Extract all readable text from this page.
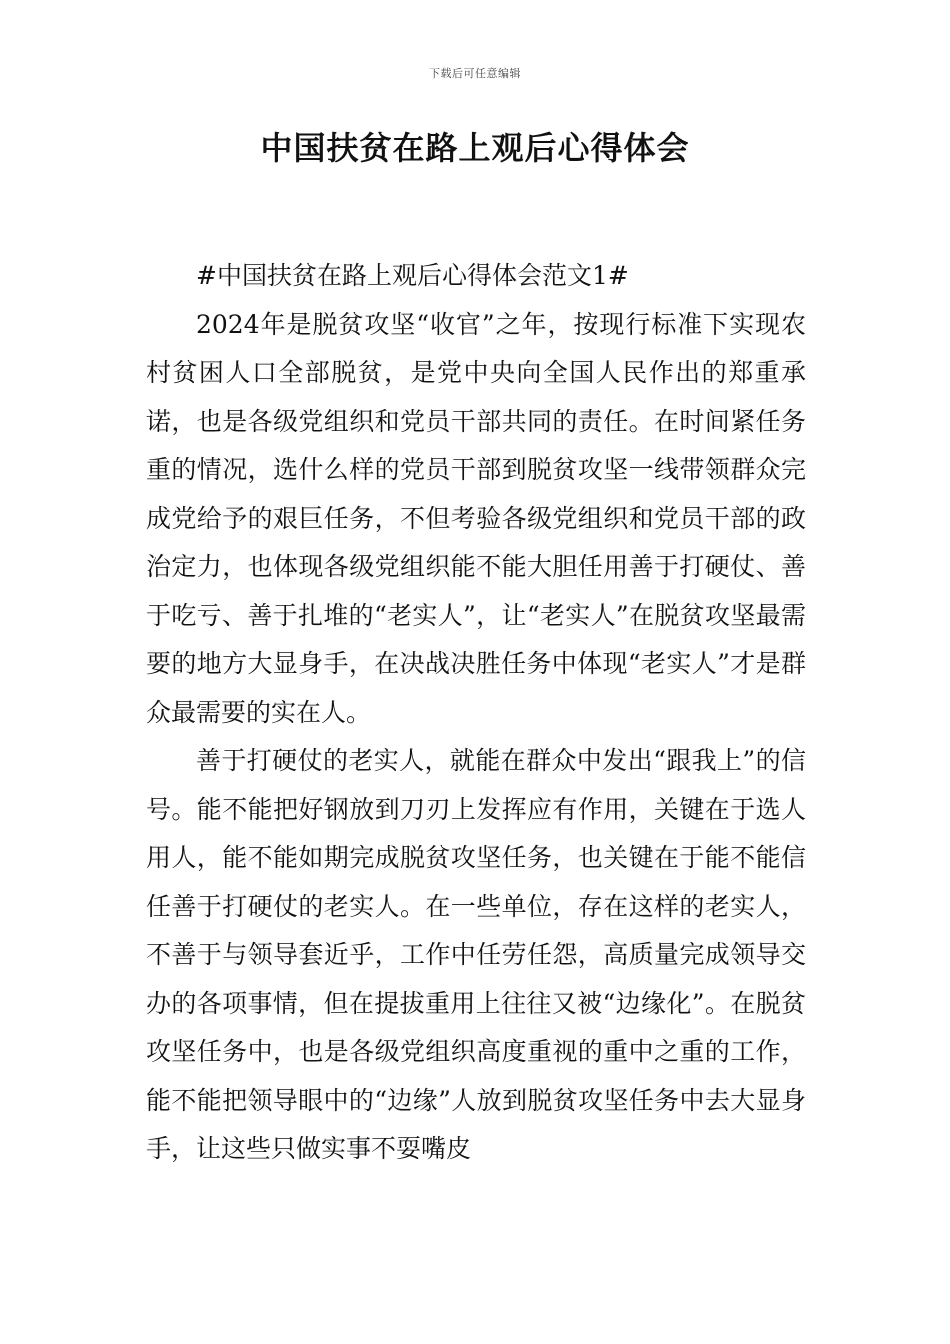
下载后可任意编辑
中国扶贫在路上观后心得体会

#中国扶贫在路上观后心得体会范文1#

2024年是脱贫攻坚“收官”之年，按现行标准下实现农村贫困人口全部脱贫，是党中央向全国人民作出的郑重承诺，也是各级党组织和党员干部共同的责任。在时间紧任务重的情况，选什么样的党员干部到脱贫攻坚一线带领群众完成党给予的艰巨任务，不但考验各级党组织和党员干部的政治定力，也体现各级党组织能不能大胆任用善于打硬仗、善于吃亏、善于扎堆的“老实人”，让“老实人”在脱贫攻坚最需要的地方大显身手，在决战决胜任务中体现“老实人”才是群众最需要的实在人。

善于打硬仗的老实人，就能在群众中发出“跟我上”的信号。能不能把好钢放到刀刃上发挥应有作用，关键在于选人用人，能不能如期完成脱贫攻坚任务，也关键在于能不能信任善于打硬仗的老实人。在一些单位，存在这样的老实人，不善于与领导套近乎，工作中任劳任怨，高质量完成领导交办的各项事情，但在提拔重用上往往又被“边缘化”。在脱贫攻坚任务中，也是各级党组织高度重视的重中之重的工作，能不能把领导眼中的“边缘”人放到脱贫攻坚任务中去大显身手，让这些只做实事不耍嘴皮
